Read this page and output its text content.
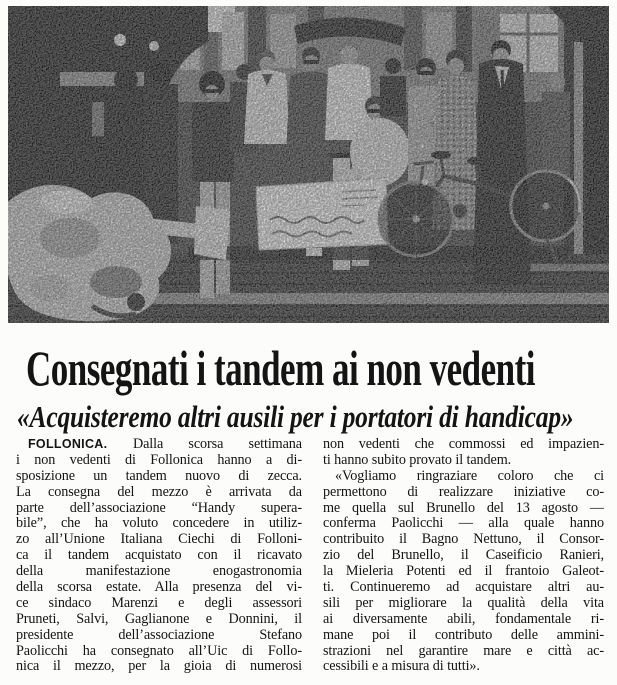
Consegnati i tandem ai non vedenti
«Acquisteremo altri ausili per i portatori di handicap»
FOLLONICA. Dalla scorsa settimana
i non vedenti di Follonica hanno a di-
sposizione un tandem nuovo di zecca.
La consegna del mezzo è arrivata da
parte dell’associazione “Handy supera-
bile”, che ha voluto concedere in utiliz-
zo all’Unione Italiana Ciechi di Folloni-
ca il tandem acquistato con il ricavato
della manifestazione enogastronomia
della scorsa estate. Alla presenza del vi-
ce sindaco Marenzi e degli assessori
Pruneti, Salvi, Gaglianone e Donnini, il
presidente dell’associazione Stefano
Paolicchi ha consegnato all’Uic di Follo-
nica il mezzo, per la gioia di numerosi
non vedenti che commossi ed impazien-
ti hanno subito provato il tandem.
«Vogliamo ringraziare coloro che ci
permettono di realizzare iniziative co-
me quella sul Brunello del 13 agosto —
conferma Paolicchi — alla quale hanno
contribuito il Bagno Nettuno, il Consor-
zio del Brunello, il Caseificio Ranieri,
la Mieleria Potenti ed il frantoio Galeot-
ti. Continueremo ad acquistare altri au-
sili per migliorare la qualità della vita
ai diversamente abili, fondamentale ri-
mane poi il contributo delle ammini-
strazioni nel garantire mare e città ac-
cessibili e a misura di tutti».
